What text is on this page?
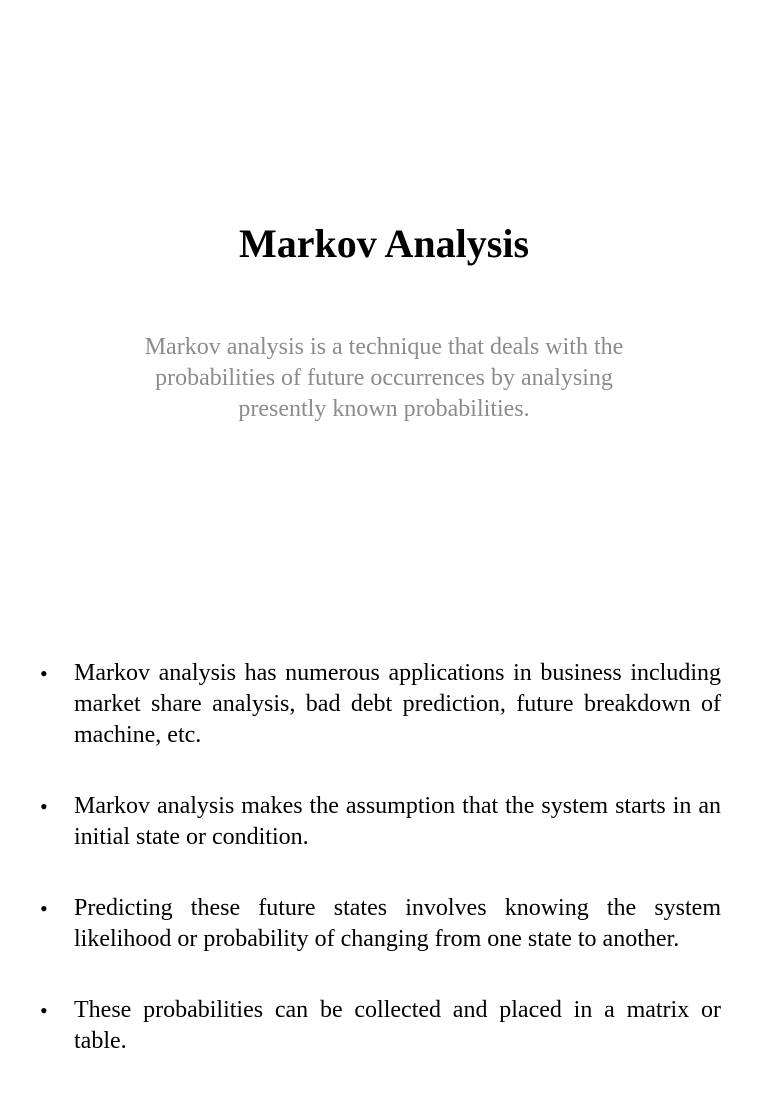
Markov Analysis

Markov analysis is a technique that deals with the probabilities of future occurrences by analysing presently known probabilities.

•	Markov analysis has numerous applications in business including market share analysis, bad debt prediction, future breakdown of machine, etc.
•	Markov analysis makes the assumption that the system starts in an initial state or condition.
•	Predicting these future states involves knowing the system likelihood or probability of changing from one state to another.
•	These probabilities can be collected and placed in a matrix or table.
